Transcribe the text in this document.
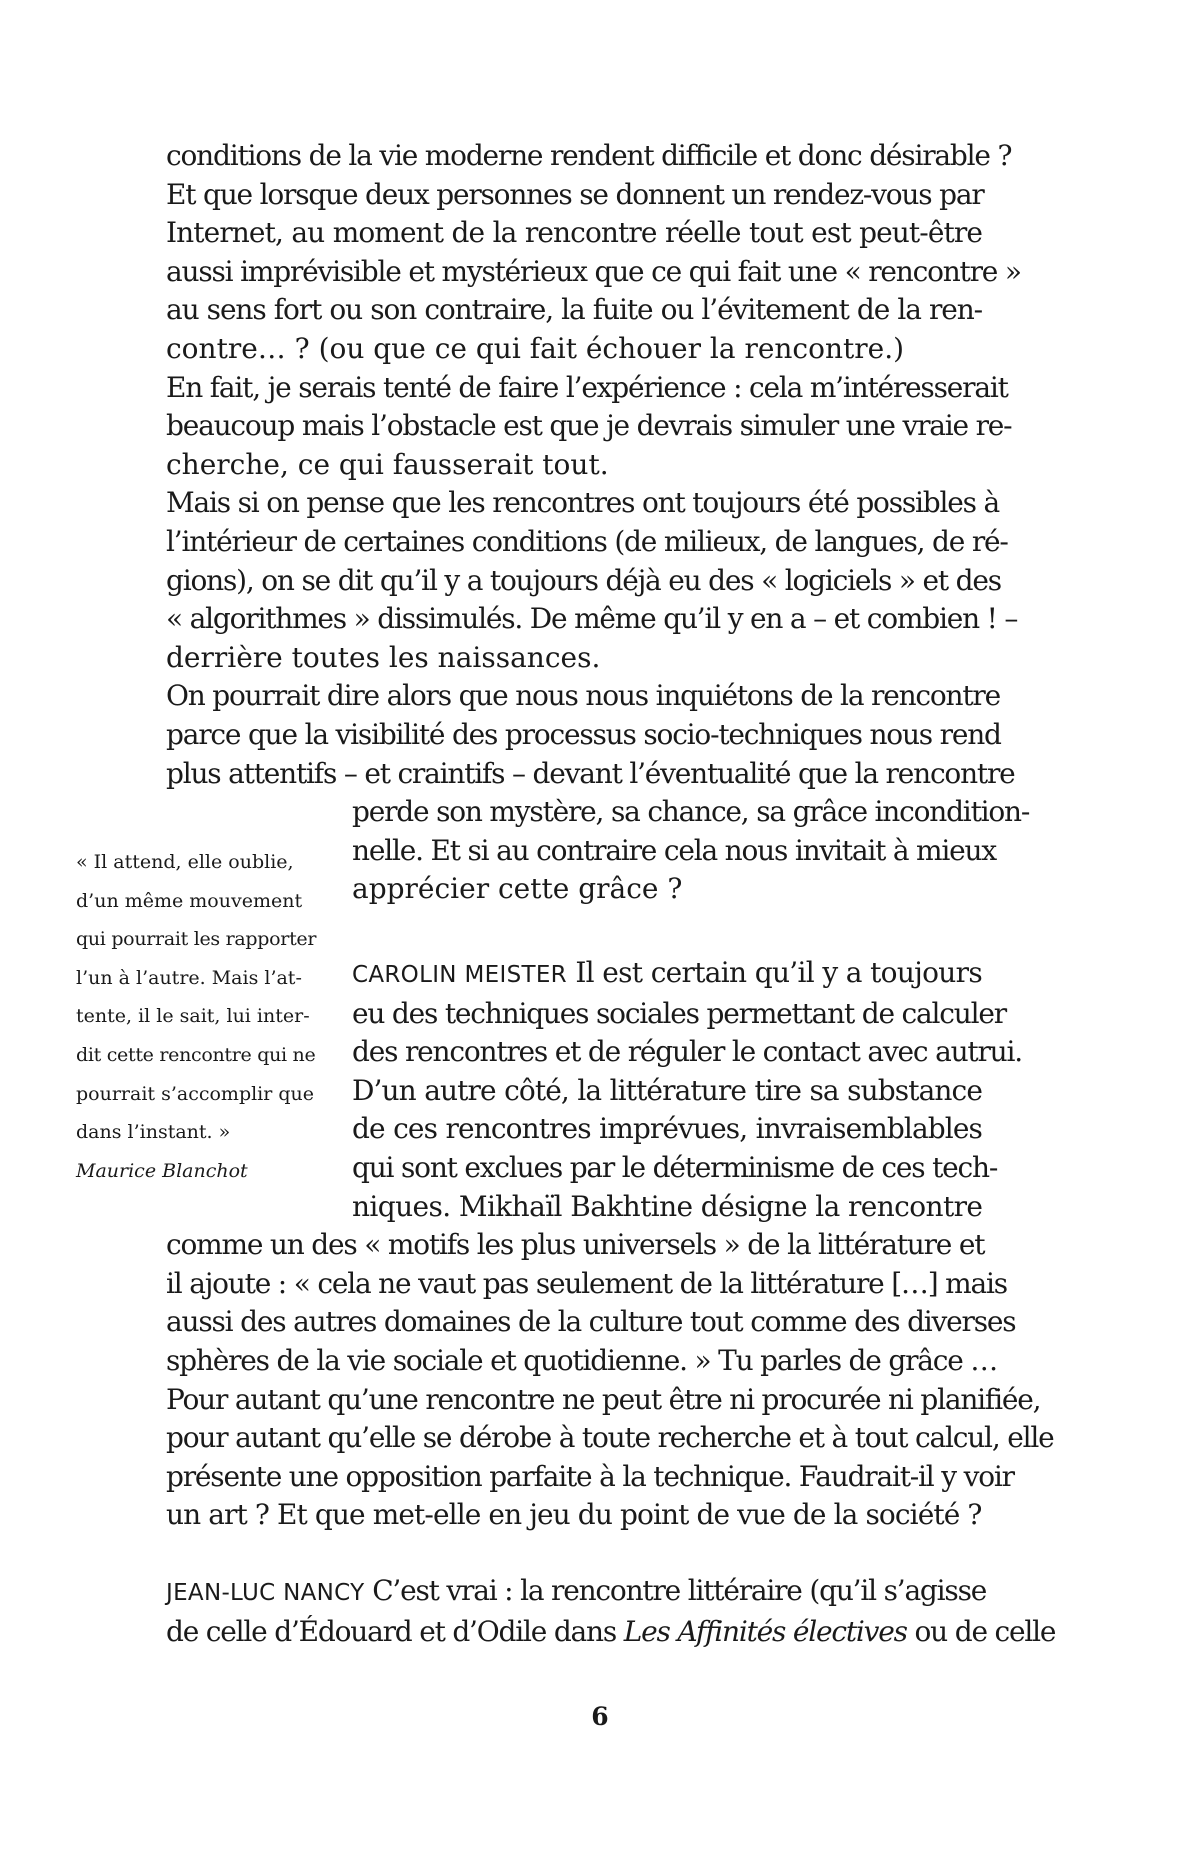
conditions de la vie moderne rendent difficile et donc désirable ?
Et que lorsque deux personnes se donnent un rendez-vous par
Internet, au moment de la rencontre réelle tout est peut-être
aussi imprévisible et mystérieux que ce qui fait une « rencontre »
au sens fort ou son contraire, la fuite ou l’évitement de la ren-
contre… ? (ou que ce qui fait échouer la rencontre.)
En fait, je serais tenté de faire l’expérience : cela m’intéresserait
beaucoup mais l’obstacle est que je devrais simuler une vraie re-
cherche, ce qui fausserait tout.
Mais si on pense que les rencontres ont toujours été possibles à
l’intérieur de certaines conditions (de milieux, de langues, de ré-
gions), on se dit qu’il y a toujours déjà eu des « logiciels » et des
« algorithmes » dissimulés. De même qu’il y en a – et combien ! –
derrière toutes les naissances.
On pourrait dire alors que nous nous inquiétons de la rencontre
parce que la visibilité des processus socio-techniques nous rend
plus attentifs – et craintifs – devant l’éventualité que la rencontre
perde son mystère, sa chance, sa grâce incondition-
nelle. Et si au contraire cela nous invitait à mieux
apprécier cette grâce ?

CAROLIN MEISTER Il est certain qu’il y a toujours
eu des techniques sociales permettant de calculer
des rencontres et de réguler le contact avec autrui.
D’un autre côté, la littérature tire sa substance
de ces rencontres imprévues, invraisemblables
qui sont exclues par le déterminisme de ces tech-
niques. Mikhaïl Bakhtine désigne la rencontre
comme un des « motifs les plus universels » de la littérature et
il ajoute : « cela ne vaut pas seulement de la littérature […] mais
aussi des autres domaines de la culture tout comme des diverses
sphères de la vie sociale et quotidienne. » Tu parles de grâce …
Pour autant qu’une rencontre ne peut être ni procurée ni planifiée,
pour autant qu’elle se dérobe à toute recherche et à tout calcul, elle
présente une opposition parfaite à la technique. Faudrait-il y voir
un art ? Et que met-elle en jeu du point de vue de la société ?

JEAN-LUC NANCY C’est vrai : la rencontre littéraire (qu’il s’agisse
de celle d’Édouard et d’Odile dans Les Affinités électives ou de celle

« Il attend, elle oublie,
d’un même mouvement
qui pourrait les rapporter
l’un à l’autre. Mais l’at-
tente, il le sait, lui inter-
dit cette rencontre qui ne
pourrait s’accomplir que
dans l’instant. »
Maurice Blanchot
6
